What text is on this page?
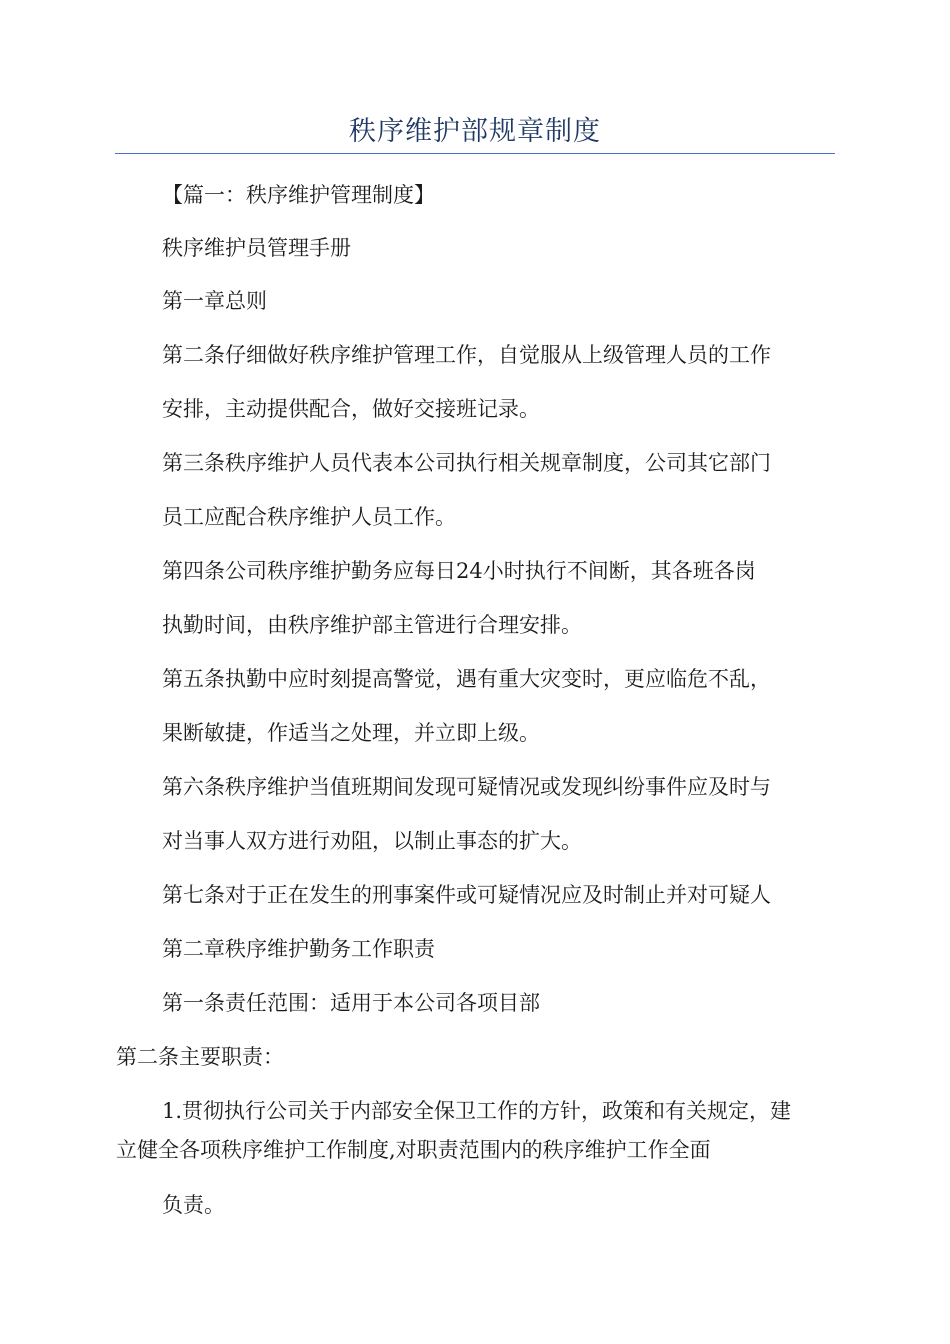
秩序维护部规章制度
【篇一：秩序维护管理制度】
秩序维护员管理手册
第一章总则
第二条仔细做好秩序维护管理工作，自觉服从上级管理人员的工作
安排，主动提供配合，做好交接班记录。
第三条秩序维护人员代表本公司执行相关规章制度，公司其它部门
员工应配合秩序维护人员工作。
第四条公司秩序维护勤务应每日24小时执行不间断，其各班各岗
执勤时间，由秩序维护部主管进行合理安排。
第五条执勤中应时刻提高警觉，遇有重大灾变时，更应临危不乱，
果断敏捷，作适当之处理，并立即上级。
第六条秩序维护当值班期间发现可疑情况或发现纠纷事件应及时与
对当事人双方进行劝阻，以制止事态的扩大。
第七条对于正在发生的刑事案件或可疑情况应及时制止并对可疑人
第二章秩序维护勤务工作职责
第一条责任范围：适用于本公司各项目部
第二条主要职责：
1.贯彻执行公司关于内部安全保卫工作的方针，政策和有关规定，建
立健全各项秩序维护工作制度,对职责范围内的秩序维护工作全面
负责。
